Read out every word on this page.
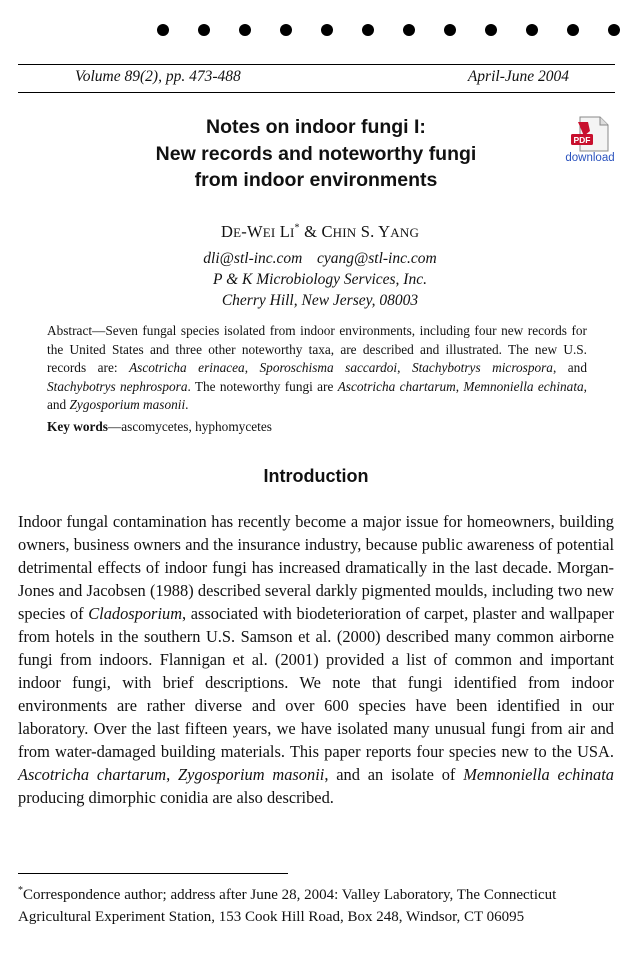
Volume 89(2), pp. 473-488	April-June 2004
Notes on indoor fungi I:
New records and noteworthy fungi
from indoor environments
PDF
download
DE-WEI LI* & CHIN S. YANG
dli@stl-inc.com cyang@stl-inc.com
P & K Microbiology Services, Inc.
Cherry Hill, New Jersey, 08003
Abstract—Seven fungal species isolated from indoor environments, including four new records for the United States and three other noteworthy taxa, are described and illustrated. The new U.S. records are: Ascotricha erinacea, Sporoschisma saccardoi, Stachybotrys microspora, and Stachybotrys nephrospora. The noteworthy fungi are Ascotricha chartarum, Memnoniella echinata, and Zygosporium masonii.
Key words—ascomycetes, hyphomycetes
Introduction
Indoor fungal contamination has recently become a major issue for homeowners, building owners, business owners and the insurance industry, because public awareness of potential detrimental effects of indoor fungi has increased dramatically in the last decade. Morgan-Jones and Jacobsen (1988) described several darkly pigmented moulds, including two new species of Cladosporium, associated with biodeterioration of carpet, plaster and wallpaper from hotels in the southern U.S. Samson et al. (2000) described many common airborne fungi from indoors. Flannigan et al. (2001) provided a list of common and important indoor fungi, with brief descriptions. We note that fungi identified from indoor environments are rather diverse and over 600 species have been identified in our laboratory. Over the last fifteen years, we have isolated many unusual fungi from air and from water-damaged building materials. This paper reports four species new to the USA. Ascotricha chartarum, Zygosporium masonii, and an isolate of Memnoniella echinata producing dimorphic conidia are also described.
*Correspondence author; address after June 28, 2004: Valley Laboratory, The Connecticut Agricultural Experiment Station, 153 Cook Hill Road, Box 248, Windsor, CT 06095
